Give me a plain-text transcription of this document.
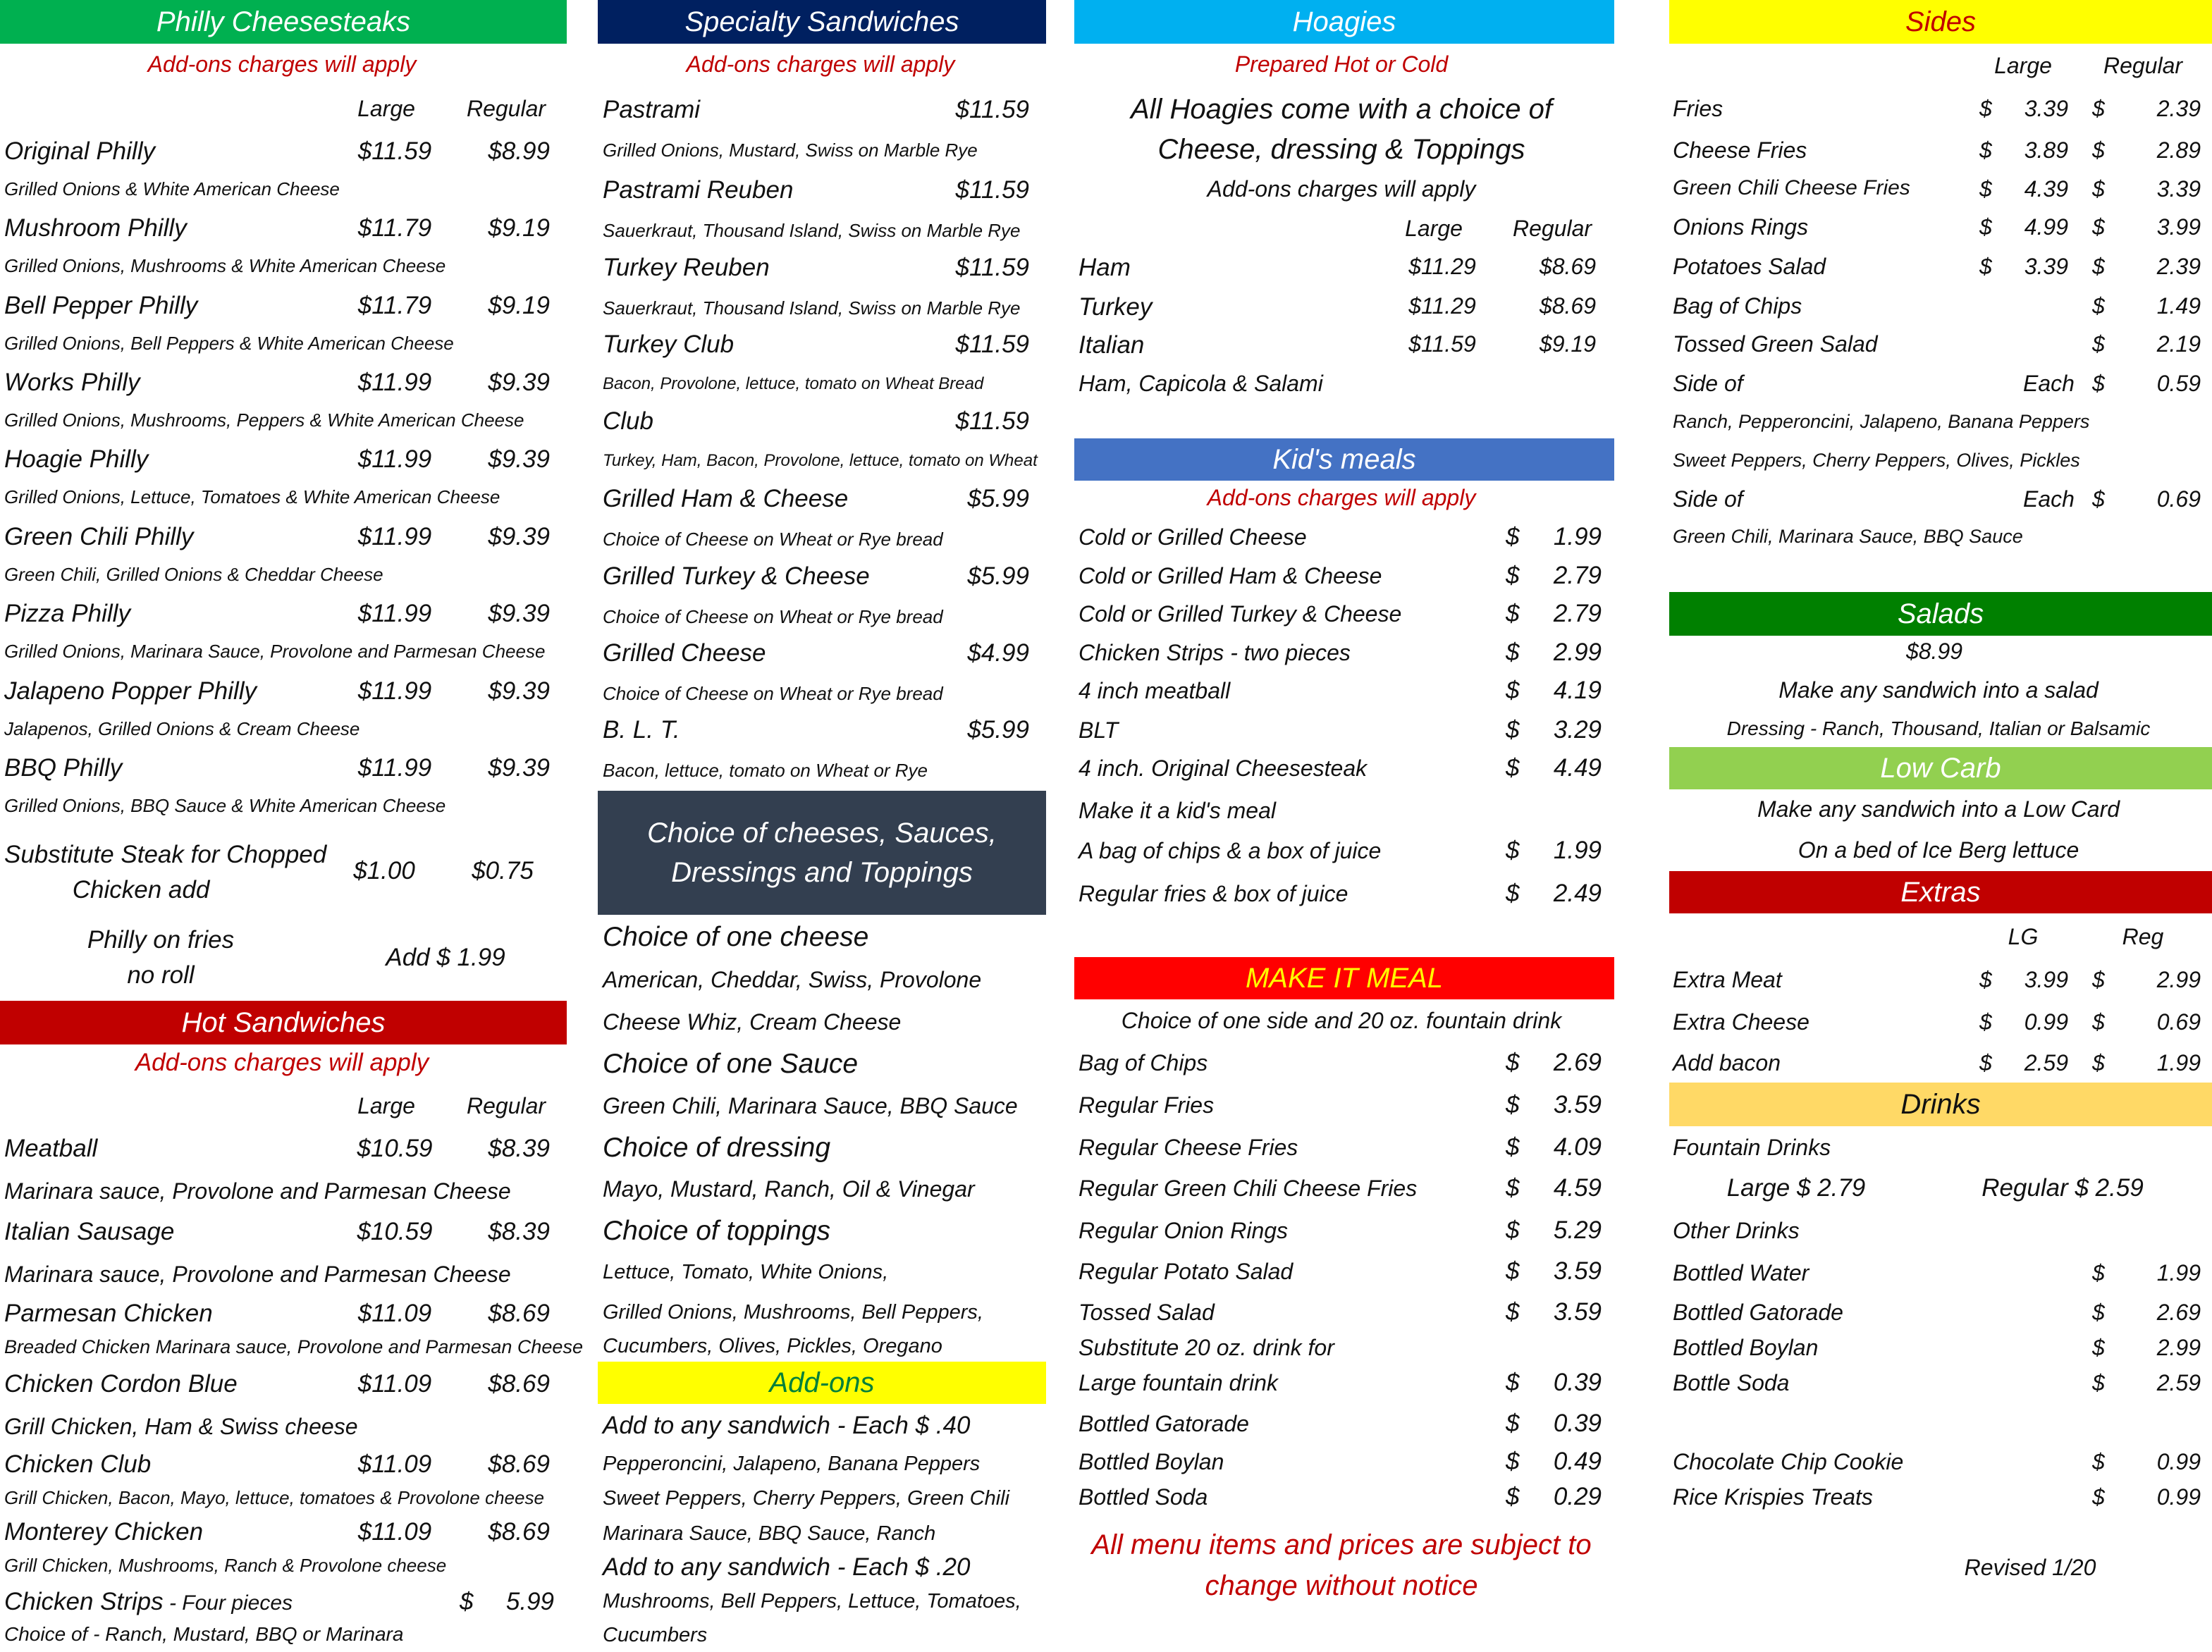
Philly Cheesesteaks
Add-ons charges will apply
Large Regular
Original Philly	$11.59 $8.99
Grilled Onions & White American Cheese
Mushroom Philly	$11.79 $9.19
Grilled Onions, Mushrooms & White American Cheese
Bell Pepper Philly	$11.79 $9.19
Grilled Onions, Bell Peppers & White American Cheese
Works Philly	$11.99 $9.39
Grilled Onions, Mushrooms, Peppers & White American Cheese
Hoagie Philly	$11.99 $9.39
Grilled Onions, Lettuce, Tomatoes & White American Cheese
Green Chili Philly	$11.99 $9.39
Green Chili, Grilled Onions & Cheddar Cheese
Pizza Philly	$11.99 $9.39
Grilled Onions, Marinara Sauce, Provolone and Parmesan Cheese
Jalapeno Popper Philly	$11.99 $9.39
Jalapenos, Grilled Onions & Cream Cheese
BBQ Philly	$11.99 $9.39
Grilled Onions, BBQ Sauce & White American Cheese
Substitute Steak for Chopped
Chicken add
$1.00 $0.75
Philly on fries
no roll
Add $ 1.99
Hot Sandwiches
Add-ons charges will apply
Large Regular
Meatball	$10.59 $8.39
Marinara sauce, Provolone and Parmesan Cheese
Italian Sausage	$10.59 $8.39
Marinara sauce, Provolone and Parmesan Cheese
Parmesan Chicken	$11.09 $8.69
Breaded Chicken Marinara sauce, Provolone and Parmesan Cheese
Chicken Cordon Blue	$11.09 $8.69
Grill Chicken, Ham & Swiss cheese
Chicken Club	$11.09 $8.69
Grill Chicken, Bacon, Mayo, lettuce, tomatoes & Provolone cheese
Monterey Chicken	$11.09 $8.69
Grill Chicken, Mushrooms, Ranch & Provolone cheese
Chicken Strips - Four pieces	$ 5.99
Choice of - Ranch, Mustard, BBQ or Marinara
Specialty Sandwiches
Add-ons charges will apply
Pastrami	$11.59
Grilled Onions, Mustard, Swiss on Marble Rye
Pastrami Reuben	$11.59
Sauerkraut, Thousand Island, Swiss on Marble Rye
Turkey Reuben	$11.59
Sauerkraut, Thousand Island, Swiss on Marble Rye
Turkey Club	$11.59
Bacon, Provolone, lettuce, tomato on Wheat Bread
Club	$11.59
Turkey, Ham, Bacon, Provolone, lettuce, tomato on Wheat
Grilled Ham & Cheese	$5.99
Choice of Cheese on Wheat or Rye bread
Grilled Turkey & Cheese	$5.99
Choice of Cheese on Wheat or Rye bread
Grilled Cheese	$4.99
Choice of Cheese on Wheat or Rye bread
B. L. T.	$5.99
Bacon, lettuce, tomato on Wheat or Rye
Choice of cheeses, Sauces,
Dressings and Toppings
Choice of one cheese
American, Cheddar, Swiss, Provolone
Cheese Whiz, Cream Cheese
Choice of one Sauce
Green Chili, Marinara Sauce, BBQ Sauce
Choice of dressing
Mayo, Mustard, Ranch, Oil & Vinegar
Choice of toppings
Lettuce, Tomato, White Onions,
Grilled Onions, Mushrooms, Bell Peppers,
Cucumbers, Olives, Pickles, Oregano
Add-ons
Add to any sandwich - Each $ .40
Pepperoncini, Jalapeno, Banana Peppers
Sweet Peppers, Cherry Peppers, Green Chili
Marinara Sauce, BBQ Sauce, Ranch
Add to any sandwich - Each $ .20
Mushrooms, Bell Peppers, Lettuce, Tomatoes,
Cucumbers
Hoagies
Prepared Hot or Cold
All Hoagies come with a choice of
Cheese, dressing & Toppings
Add-ons charges will apply
Large Regular
Ham	$11.29	$8.69
Turkey	$11.29	$8.69
Italian	$11.59	$9.19
Ham, Capicola & Salami
Kid's meals
Add-ons charges will apply
Cold or Grilled Cheese	$ 1.99
Cold or Grilled Ham & Cheese	$ 2.79
Cold or Grilled Turkey & Cheese	$ 2.79
Chicken Strips - two pieces	$ 2.99
4 inch meatball	$ 4.19
BLT	$ 3.29
4 inch. Original Cheesesteak	$ 4.49
Make it a kid's meal
A bag of chips & a box of juice	$ 1.99
Regular fries & box of juice	$ 2.49
MAKE IT MEAL
Choice of one side and 20 oz. fountain drink
Bag of Chips	$ 2.69
Regular Fries	$ 3.59
Regular Cheese Fries	$ 4.09
Regular Green Chili Cheese Fries	$ 4.59
Regular Onion Rings	$ 5.29
Regular Potato Salad	$ 3.59
Tossed Salad	$ 3.59
Substitute 20 oz. drink for
Large fountain drink	$ 0.39
Bottled Gatorade	$ 0.39
Bottled Boylan	$ 0.49
Bottled Soda	$ 0.29
All menu items and prices are subject to
change without notice
Sides
Large Regular
Fries	$ 3.39 $ 2.39
Cheese Fries	$ 3.89 $ 2.89
Green Chili Cheese Fries	$ 4.39 $ 3.39
Onions Rings	$ 4.99 $ 3.99
Potatoes Salad	$ 3.39 $ 2.39
Bag of Chips	$ 1.49
Tossed Green Salad	$ 2.19
Side of	Each $ 0.59
Ranch, Pepperoncini, Jalapeno, Banana Peppers
Sweet Peppers, Cherry Peppers, Olives, Pickles
Side of	Each $ 0.69
Green Chili, Marinara Sauce, BBQ Sauce
Salads
$8.99
Make any sandwich into a salad
Dressing - Ranch, Thousand, Italian or Balsamic
Low Carb
Make any sandwich into a Low Card
On a bed of Ice Berg lettuce
Extras
LG	Reg
Extra Meat	$ 3.99 $ 2.99
Extra Cheese	$ 0.99 $ 0.69
Add bacon	$ 2.59 $ 1.99
Drinks
Fountain Drinks
Large $ 2.79	Regular $ 2.59
Other Drinks
Bottled Water	$ 1.99
Bottled Gatorade	$ 2.69
Bottled Boylan	$ 2.99
Bottle Soda	$ 2.59
Chocolate Chip Cookie	$ 0.99
Rice Krispies Treats	$ 0.99
Revised 1/20
